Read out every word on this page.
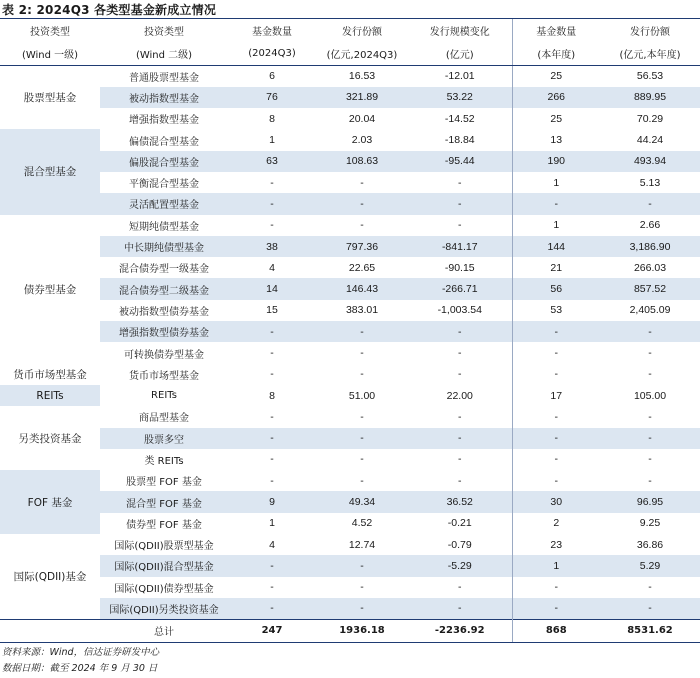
表 2: 2024Q3 各类型基金新成立情况
投资类型	投资类型	基金数量	发行份额	发行规模变化	基金数量	发行份额
(Wind 一级)	(Wind 二级)	(2024Q3)	(亿元,2024Q3)	(亿元)	(本年度)	(亿元,本年度)
股票型基金	普通股票型基金	6	16.53	-12.01	25	56.53
	被动指数型基金	76	321.89	53.22	266	889.95
	增强指数型基金	8	20.04	-14.52	25	70.29
混合型基金	偏债混合型基金	1	2.03	-18.84	13	44.24
	偏股混合型基金	63	108.63	-95.44	190	493.94
	平衡混合型基金	-	-	-	1	5.13
	灵活配置型基金	-	-	-	-	-
债券型基金	短期纯债型基金	-	-	-	1	2.66
	中长期纯债型基金	38	797.36	-841.17	144	3,186.90
	混合债券型一级基金	4	22.65	-90.15	21	266.03
	混合债券型二级基金	14	146.43	-266.71	56	857.52
	被动指数型债券基金	15	383.01	-1,003.54	53	2,405.09
	增强指数型债券基金	-	-	-	-	-
	可转换债券型基金	-	-	-	-	-
货币市场型基金	货币市场型基金	-	-	-	-	-
REITs	REITs	8	51.00	22.00	17	105.00
另类投资基金	商品型基金	-	-	-	-	-
	股票多空	-	-	-	-	-
	类 REITs	-	-	-	-	-
FOF 基金	股票型 FOF 基金	-	-	-	-	-
	混合型 FOF 基金	9	49.34	36.52	30	96.95
	债券型 FOF 基金	1	4.52	-0.21	2	9.25
国际(QDII)基金	国际(QDII)股票型基金	4	12.74	-0.79	23	36.86
	国际(QDII)混合型基金	-	-	-5.29	1	5.29
	国际(QDII)债券型基金	-	-	-	-	-
	国际(QDII)另类投资基金	-	-	-	-	-
	总计	247	1936.18	-2236.92	868	8531.62
资料来源：Wind，信达证券研发中心
数据日期：截至 2024 年 9 月 30 日
